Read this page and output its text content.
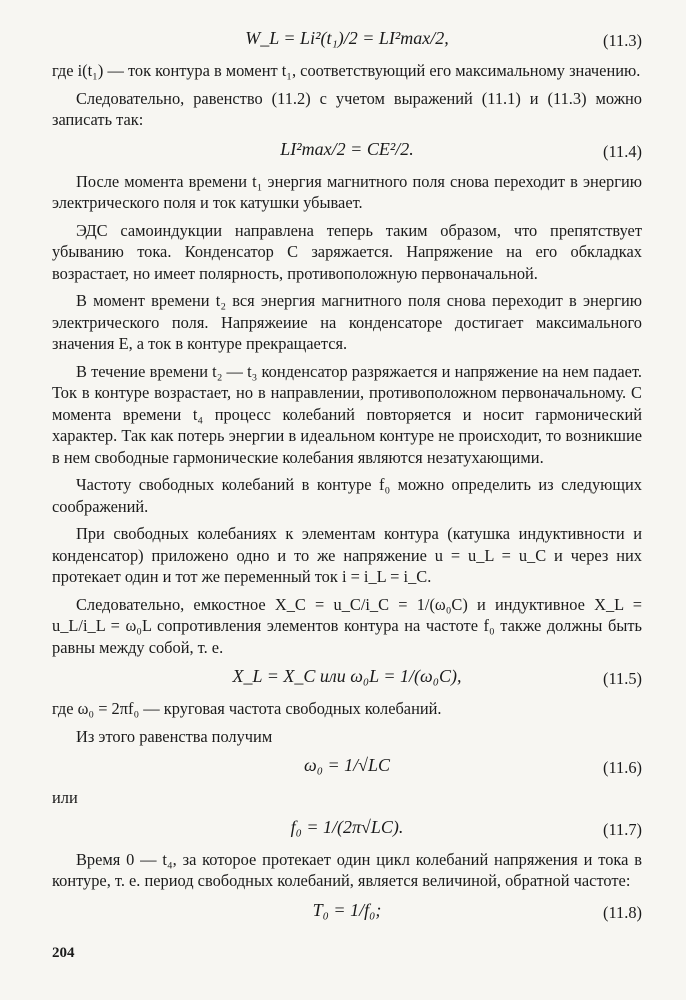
W_L = Li²(t₁)/2 = LI²max/2,	(11.3)

где i(t₁) — ток контура в момент t₁, соответствующий его максимальному значению.

Следовательно, равенство (11.2) с учетом выражений (11.1) и (11.3) можно записать так:

LI²max/2 = CE²/2.	(11.4)

После момента времени t₁ энергия магнитного поля снова переходит в энергию электрического поля и ток катушки убывает.

ЭДС самоиндукции направлена теперь таким образом, что препятствует убыванию тока. Конденсатор C заряжается. Напряжение на его обкладках возрастает, но имеет полярность, противоположную первоначальной.

В момент времени t₂ вся энергия магнитного поля снова переходит в энергию электрического поля. Напряжеиие на конденсаторе достигает максимального значения E, а ток в контуре прекращается.

В течение времени t₂ — t₃ конденсатор разряжается и напряжение на нем падает. Ток в контуре возрастает, но в направлении, противоположном первоначальному. С момента времени t₄ процесс колебаний повторяется и носит гармонический характер. Так как потерь энергии в идеальном контуре не происходит, то возникшие в нем свободные гармонические колебания являются незатухающими.

Частоту свободных колебаний в контуре f₀ можно определить из следующих соображений.

При свободных колебаниях к элементам контура (катушка индуктивности и конденсатор) приложено одно и то же напряжение u = u_L = u_C и через них протекает один и тот же переменный ток i = i_L = i_C.

Следовательно, емкостное X_C = u_C/i_C = 1/(ω₀C) и индуктивное X_L = u_L/i_L = ω₀L сопротивления элементов контура на частоте f₀ также должны быть равны между собой, т. е.

X_L = X_C или ω₀L = 1/(ω₀C),	(11.5)

где ω₀ = 2πf₀ — круговая частота свободных колебаний.

Из этого равенства получим

ω₀ = 1/√LC	(11.6)

или

f₀ = 1/(2π√LC).	(11.7)

Время 0 — t₄, за которое протекает один цикл колебаний напряжения и тока в контуре, т. е. период свободных колебаний, является величиной, обратной частоте:

T₀ = 1/f₀;	(11.8)
204
